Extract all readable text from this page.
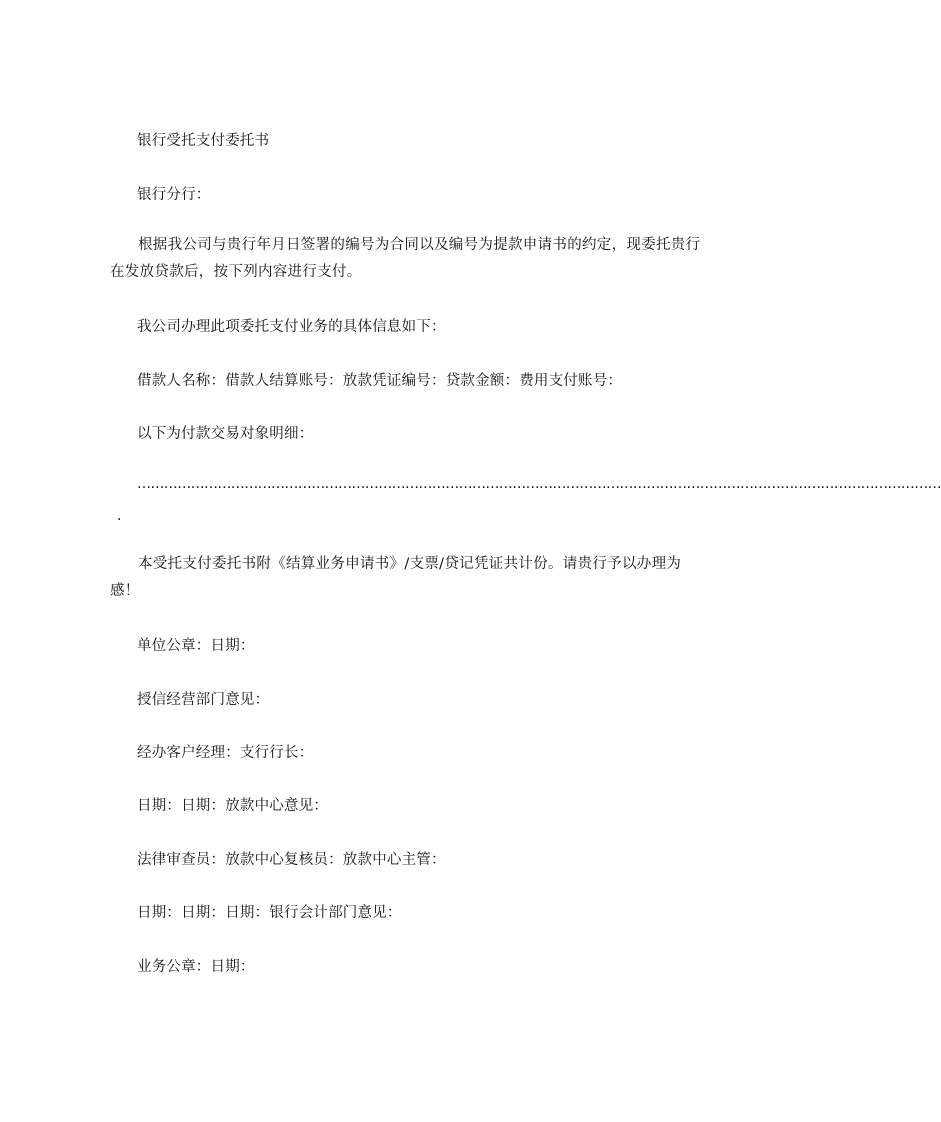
银行受托支付委托书
银行分行：
根据我公司与贵行年月日签署的编号为合同以及编号为提款申请书的约定，现委托贵行在发放贷款后，按下列内容进行支付。
我公司办理此项委托支付业务的具体信息如下：
借款人名称：借款人结算账号：放款凭证编号：贷款金额：费用支付账号：
以下为付款交易对象明细：
………………………………………………………………………………………………………………………………………………………………
.
本受托支付委托书附《结算业务申请书》/支票/贷记凭证共计份。请贵行予以办理为感！
单位公章：日期：
授信经营部门意见：
经办客户经理：支行行长：
日期：日期：放款中心意见：
法律审查员：放款中心复核员：放款中心主管：
日期：日期：日期：银行会计部门意见：
业务公章：日期：
